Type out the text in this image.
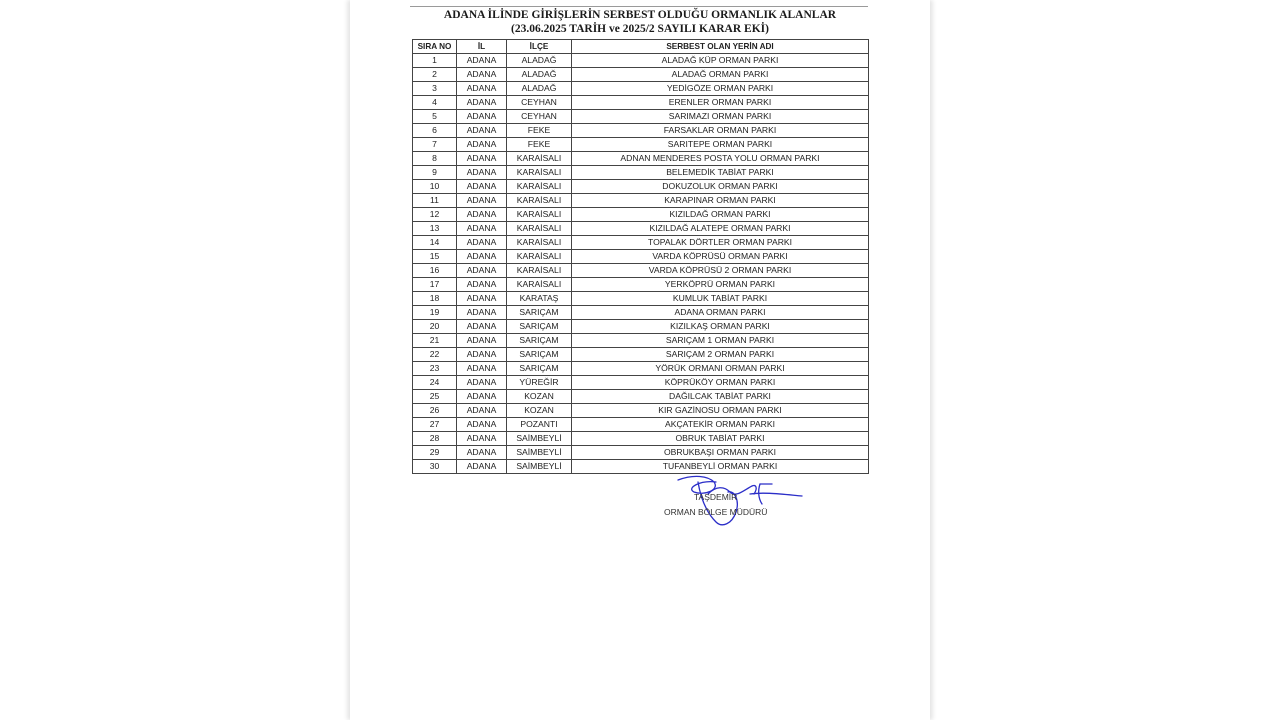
ADANA İLİNDE GİRİŞLERİN SERBEST OLDUĞU ORMANLIK ALANLAR
(23.06.2025 TARİH ve 2025/2 SAYILI KARAR EKİ)
SIRA NO	İL	İLÇE	SERBEST OLAN YERİN ADI
1	ADANA	ALADAĞ	ALADAĞ KÜP ORMAN PARKI
2	ADANA	ALADAĞ	ALADAĞ ORMAN PARKI
3	ADANA	ALADAĞ	YEDİGÖZE ORMAN PARKI
4	ADANA	CEYHAN	ERENLER ORMAN PARKI
5	ADANA	CEYHAN	SARIMAZI ORMAN PARKI
6	ADANA	FEKE	FARSAKLAR ORMAN PARKI
7	ADANA	FEKE	SARITEPE ORMAN PARKI
8	ADANA	KARAİSALI	ADNAN MENDERES POSTA YOLU ORMAN PARKI
9	ADANA	KARAİSALI	BELEMEDİK TABİAT PARKI
10	ADANA	KARAİSALI	DOKUZOLUK ORMAN PARKI
11	ADANA	KARAİSALI	KARAPINAR ORMAN PARKI
12	ADANA	KARAİSALI	KIZILDAĞ ORMAN PARKI
13	ADANA	KARAİSALI	KIZILDAĞ ALATEPE ORMAN PARKI
14	ADANA	KARAİSALI	TOPALAK DÖRTLER ORMAN PARKI
15	ADANA	KARAİSALI	VARDA KÖPRÜSÜ ORMAN PARKI
16	ADANA	KARAİSALI	VARDA KÖPRÜSÜ 2 ORMAN PARKI
17	ADANA	KARAİSALI	YERKÖPRÜ ORMAN PARKI
18	ADANA	KARATAŞ	KUMLUK TABİAT PARKI
19	ADANA	SARIÇAM	ADANA ORMAN PARKI
20	ADANA	SARIÇAM	KIZILKAŞ ORMAN PARKI
21	ADANA	SARIÇAM	SARIÇAM 1 ORMAN PARKI
22	ADANA	SARIÇAM	SARIÇAM 2 ORMAN PARKI
23	ADANA	SARIÇAM	YÖRÜK ORMANI ORMAN PARKI
24	ADANA	YÜREĞİR	KÖPRÜKÖY ORMAN PARKI
25	ADANA	KOZAN	DAĞILCAK TABİAT PARKI
26	ADANA	KOZAN	KIR GAZİNOSU ORMAN PARKI
27	ADANA	POZANTI	AKÇATEKİR ORMAN PARKI
28	ADANA	SAİMBEYLİ	OBRUK TABİAT PARKI
29	ADANA	SAİMBEYLİ	OBRUKBAŞI ORMAN PARKI
30	ADANA	SAİMBEYLİ	TUFANBEYLİ ORMAN PARKI
TAŞDEMİR
ORMAN BÖLGE MÜDÜRÜ
